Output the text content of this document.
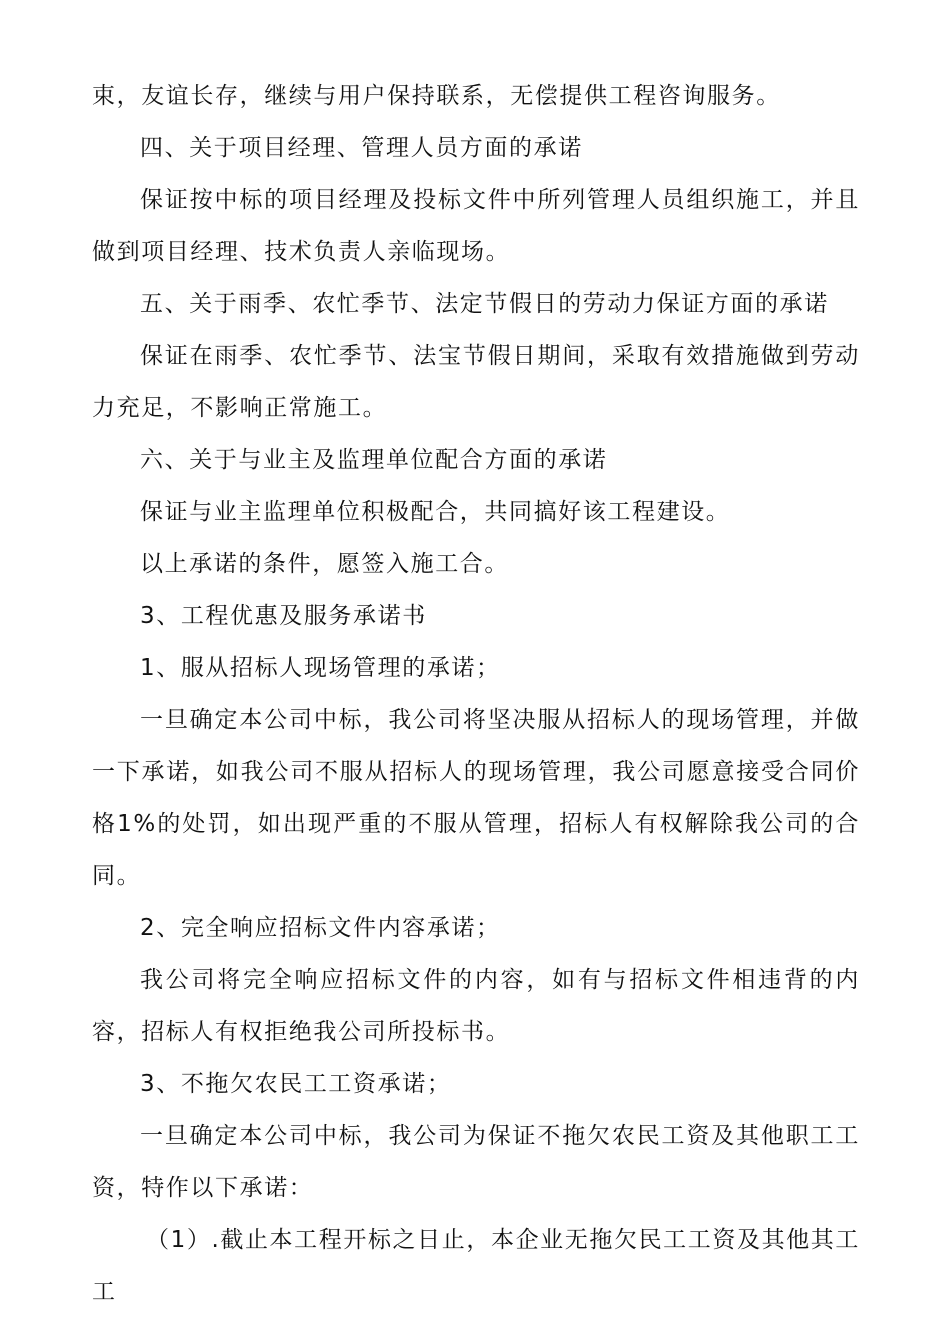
束，友谊长存，继续与用户保持联系，无偿提供工程咨询服务。

四、关于项目经理、管理人员方面的承诺

保证按中标的项目经理及投标文件中所列管理人员组织施工，并且做到项目经理、技术负责人亲临现场。

五、关于雨季、农忙季节、法定节假日的劳动力保证方面的承诺

保证在雨季、农忙季节、法宝节假日期间，采取有效措施做到劳动力充足，不影响正常施工。

六、关于与业主及监理单位配合方面的承诺

保证与业主监理单位积极配合，共同搞好该工程建设。

以上承诺的条件，愿签入施工合。

3、工程优惠及服务承诺书

1、服从招标人现场管理的承诺；

一旦确定本公司中标，我公司将坚决服从招标人的现场管理，并做一下承诺，如我公司不服从招标人的现场管理，我公司愿意接受合同价格1%的处罚，如出现严重的不服从管理，招标人有权解除我公司的合同。

2、完全响应招标文件内容承诺；

我公司将完全响应招标文件的内容，如有与招标文件相违背的内容，招标人有权拒绝我公司所投标书。

3、不拖欠农民工工资承诺；

一旦确定本公司中标，我公司为保证不拖欠农民工资及其他职工工资，特作以下承诺：

（1）.截止本工程开标之日止，本企业无拖欠民工工资及其他其工工
